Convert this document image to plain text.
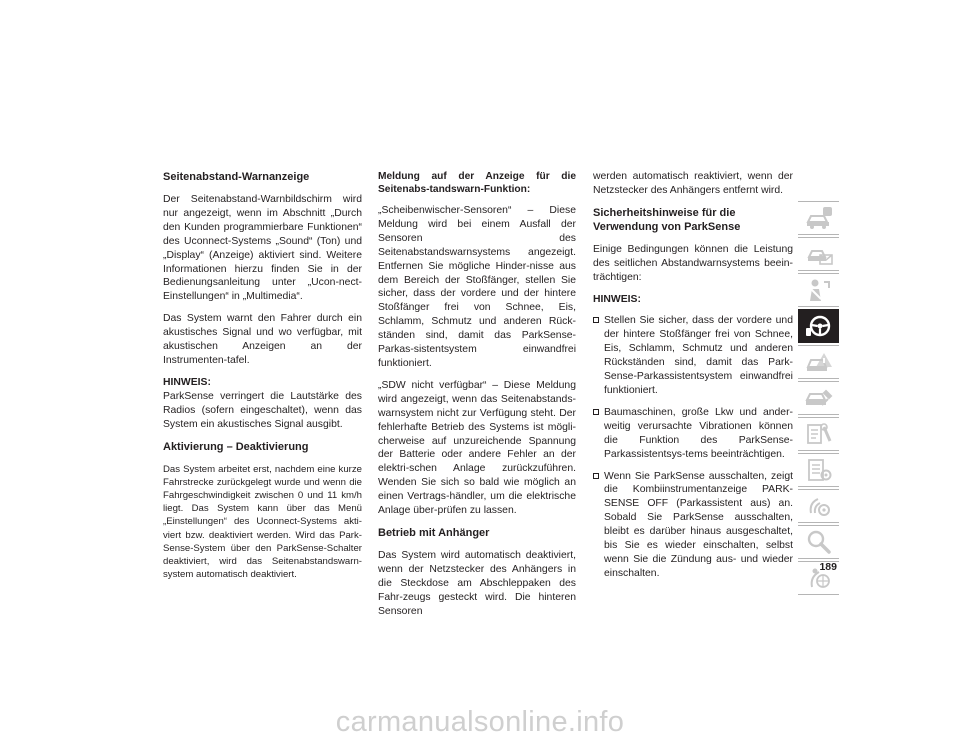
Seitenabstand-Warnanzeige

Der Seitenabstand-Warnbildschirm wird nur angezeigt, wenn im Abschnitt „Durch den Kunden programmierbare Funktionen“ des Uconnect-Systems „Sound“ (Ton) und „Display“ (Anzeige) aktiviert sind. Weitere Informationen hierzu finden Sie in der Bedienungsanleitung unter „Ucon-nect-Einstellungen“ in „Multimedia“.

Das System warnt den Fahrer durch ein akustisches Signal und wo verfügbar, mit akustischen Anzeigen an der Instrumenten-tafel.

HINWEIS:
ParkSense verringert die Lautstärke des Radios (sofern eingeschaltet), wenn das System ein akustisches Signal ausgibt.

Aktivierung – Deaktivierung

Das System arbeitet erst, nachdem eine kurze Fahrstrecke zurückgelegt wurde und wenn die Fahrgeschwindigkeit zwischen 0 und 11 km/h liegt. Das System kann über das Menü „Einstellungen“ des Uconnect-Systems akti-viert bzw. deaktiviert werden. Wird das Park-Sense-System über den ParkSense-Schalter deaktiviert, wird das Seitenabstandswarn-system automatisch deaktiviert.

Meldung auf der Anzeige für die Seitenabs-tandswarn-Funktion:

„Scheibenwischer-Sensoren“ – Diese Meldung wird bei einem Ausfall der Sensoren des Seitenabstandswarnsystems angezeigt. Entfernen Sie mögliche Hinder-nisse aus dem Bereich der Stoßfänger, stellen Sie sicher, dass der vordere und der hintere Stoßfänger frei von Schnee, Eis, Schlamm, Schmutz und anderen Rück-ständen sind, damit das ParkSense-Parkas-sistentsystem einwandfrei funktioniert.

„SDW nicht verfügbar“ – Diese Meldung wird angezeigt, wenn das Seitenabstands-warnsystem nicht zur Verfügung steht. Der fehlerhafte Betrieb des Systems ist mögli-cherweise auf unzureichende Spannung der Batterie oder andere Fehler an der elektri-schen Anlage zurückzuführen. Wenden Sie sich so bald wie möglich an einen Vertrags-händler, um die elektrische Anlage über-prüfen zu lassen.

Betrieb mit Anhänger

Das System wird automatisch deaktiviert, wenn der Netzstecker des Anhängers in die Steckdose am Abschleppaken des Fahr-zeugs gesteckt wird. Die hinteren Sensoren

werden automatisch reaktiviert, wenn der Netzstecker des Anhängers entfernt wird.

Sicherheitshinweise für die Verwendung von ParkSense

Einige Bedingungen können die Leistung des seitlichen Abstandwarnsystems beein-trächtigen:

HINWEIS:

Stellen Sie sicher, dass der vordere und der hintere Stoßfänger frei von Schnee, Eis, Schlamm, Schmutz und anderen Rückständen sind, damit das Park-Sense-Parkassistentsystem einwandfrei funktioniert.
Baumaschinen, große Lkw und ander-weitig verursachte Vibrationen können die Funktion des ParkSense-Parkassistentsys-tems beeinträchtigen.
Wenn Sie ParkSense ausschalten, zeigt die Kombiinstrumentanzeige PARK-SENSE OFF (Parkassistent aus) an. Sobald Sie ParkSense ausschalten, bleibt es darüber hinaus ausgeschaltet, bis Sie es wieder einschalten, selbst wenn Sie die Zündung aus- und wieder einschalten.
189
carmanualsonline.info
